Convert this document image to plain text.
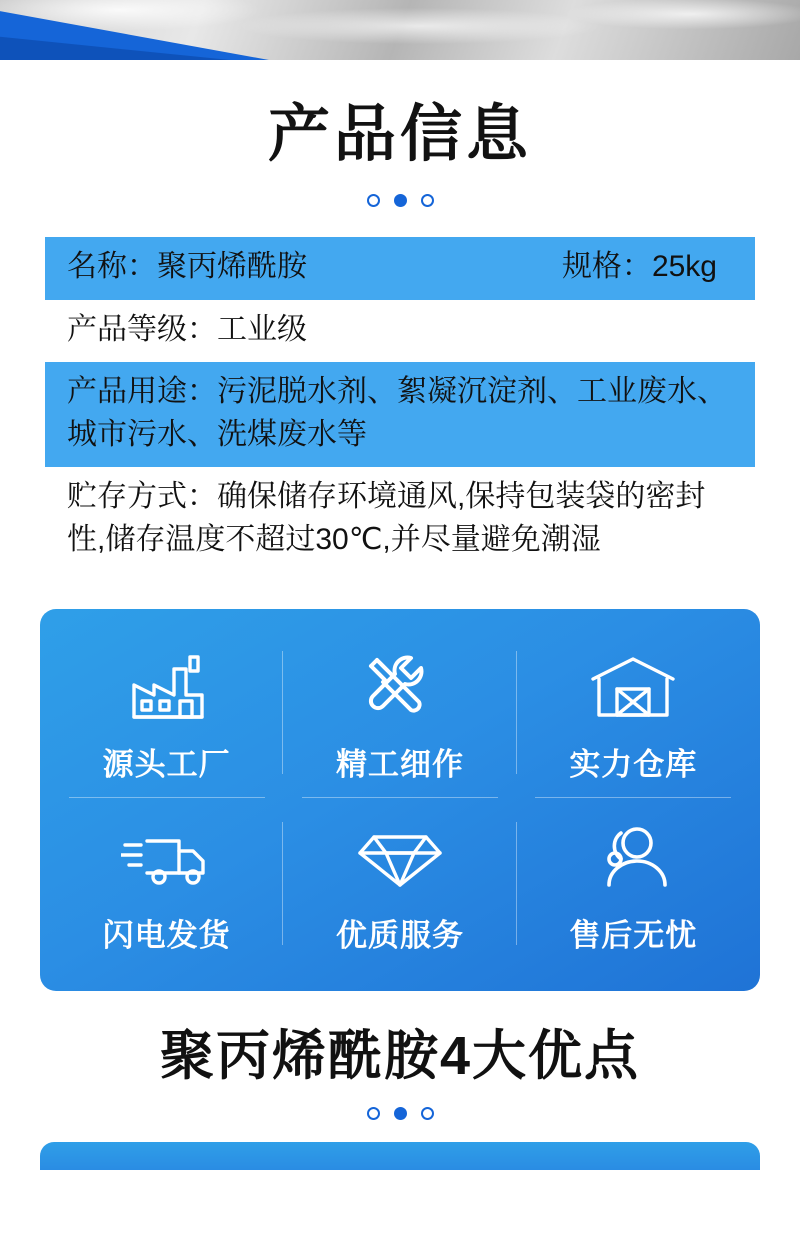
产品信息
名称：聚丙烯酰胺	规格：25kg
产品等级：工业级
产品用途：污泥脱水剂、絮凝沉淀剂、工业废水、城市污水、洗煤废水等
贮存方式：确保储存环境通风,保持包装袋的密封性,储存温度不超过30℃,并尽量避免潮湿
源头工厂	精工细作	实力仓库
闪电发货	优质服务	售后无忧
聚丙烯酰胺4大优点
